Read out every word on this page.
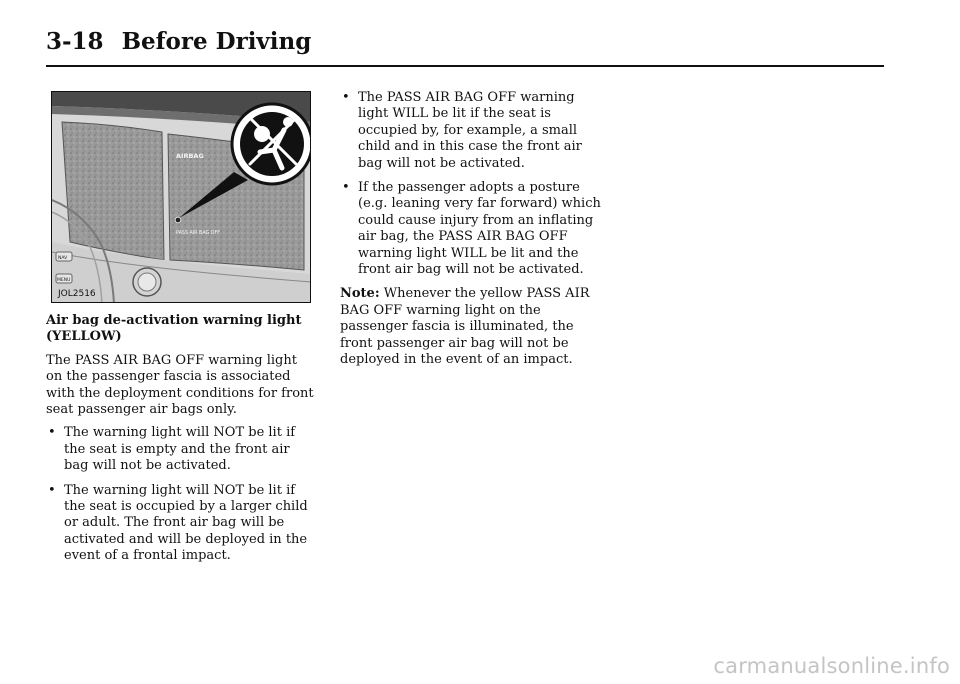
3-18 Before Driving
NAV
MENU
AIRBAG
PASS AIR BAG OFF
JOL2516
Air bag de-activation warning light (YELLOW)
The PASS AIR BAG OFF warning light on the passenger fascia is associated with the deployment conditions for front seat passenger air bags only.
• The warning light will NOT be lit if the seat is empty and the front air bag will not be activated.
• The warning light will NOT be lit if the seat is occupied by a larger child or adult. The front air bag will be activated and will be deployed in the event of a frontal impact.
• The PASS AIR BAG OFF warning light WILL be lit if the seat is occupied by, for example, a small child and in this case the front air bag will not be activated.
• If the passenger adopts a posture (e.g. leaning very far forward) which could cause injury from an inflating air bag, the PASS AIR BAG OFF warning light WILL be lit and the front air bag will not be activated.
Note: Whenever the yellow PASS AIR BAG OFF warning light on the passenger fascia is illuminated, the front passenger air bag will not be deployed in the event of an impact.
carmanualsonline.info
